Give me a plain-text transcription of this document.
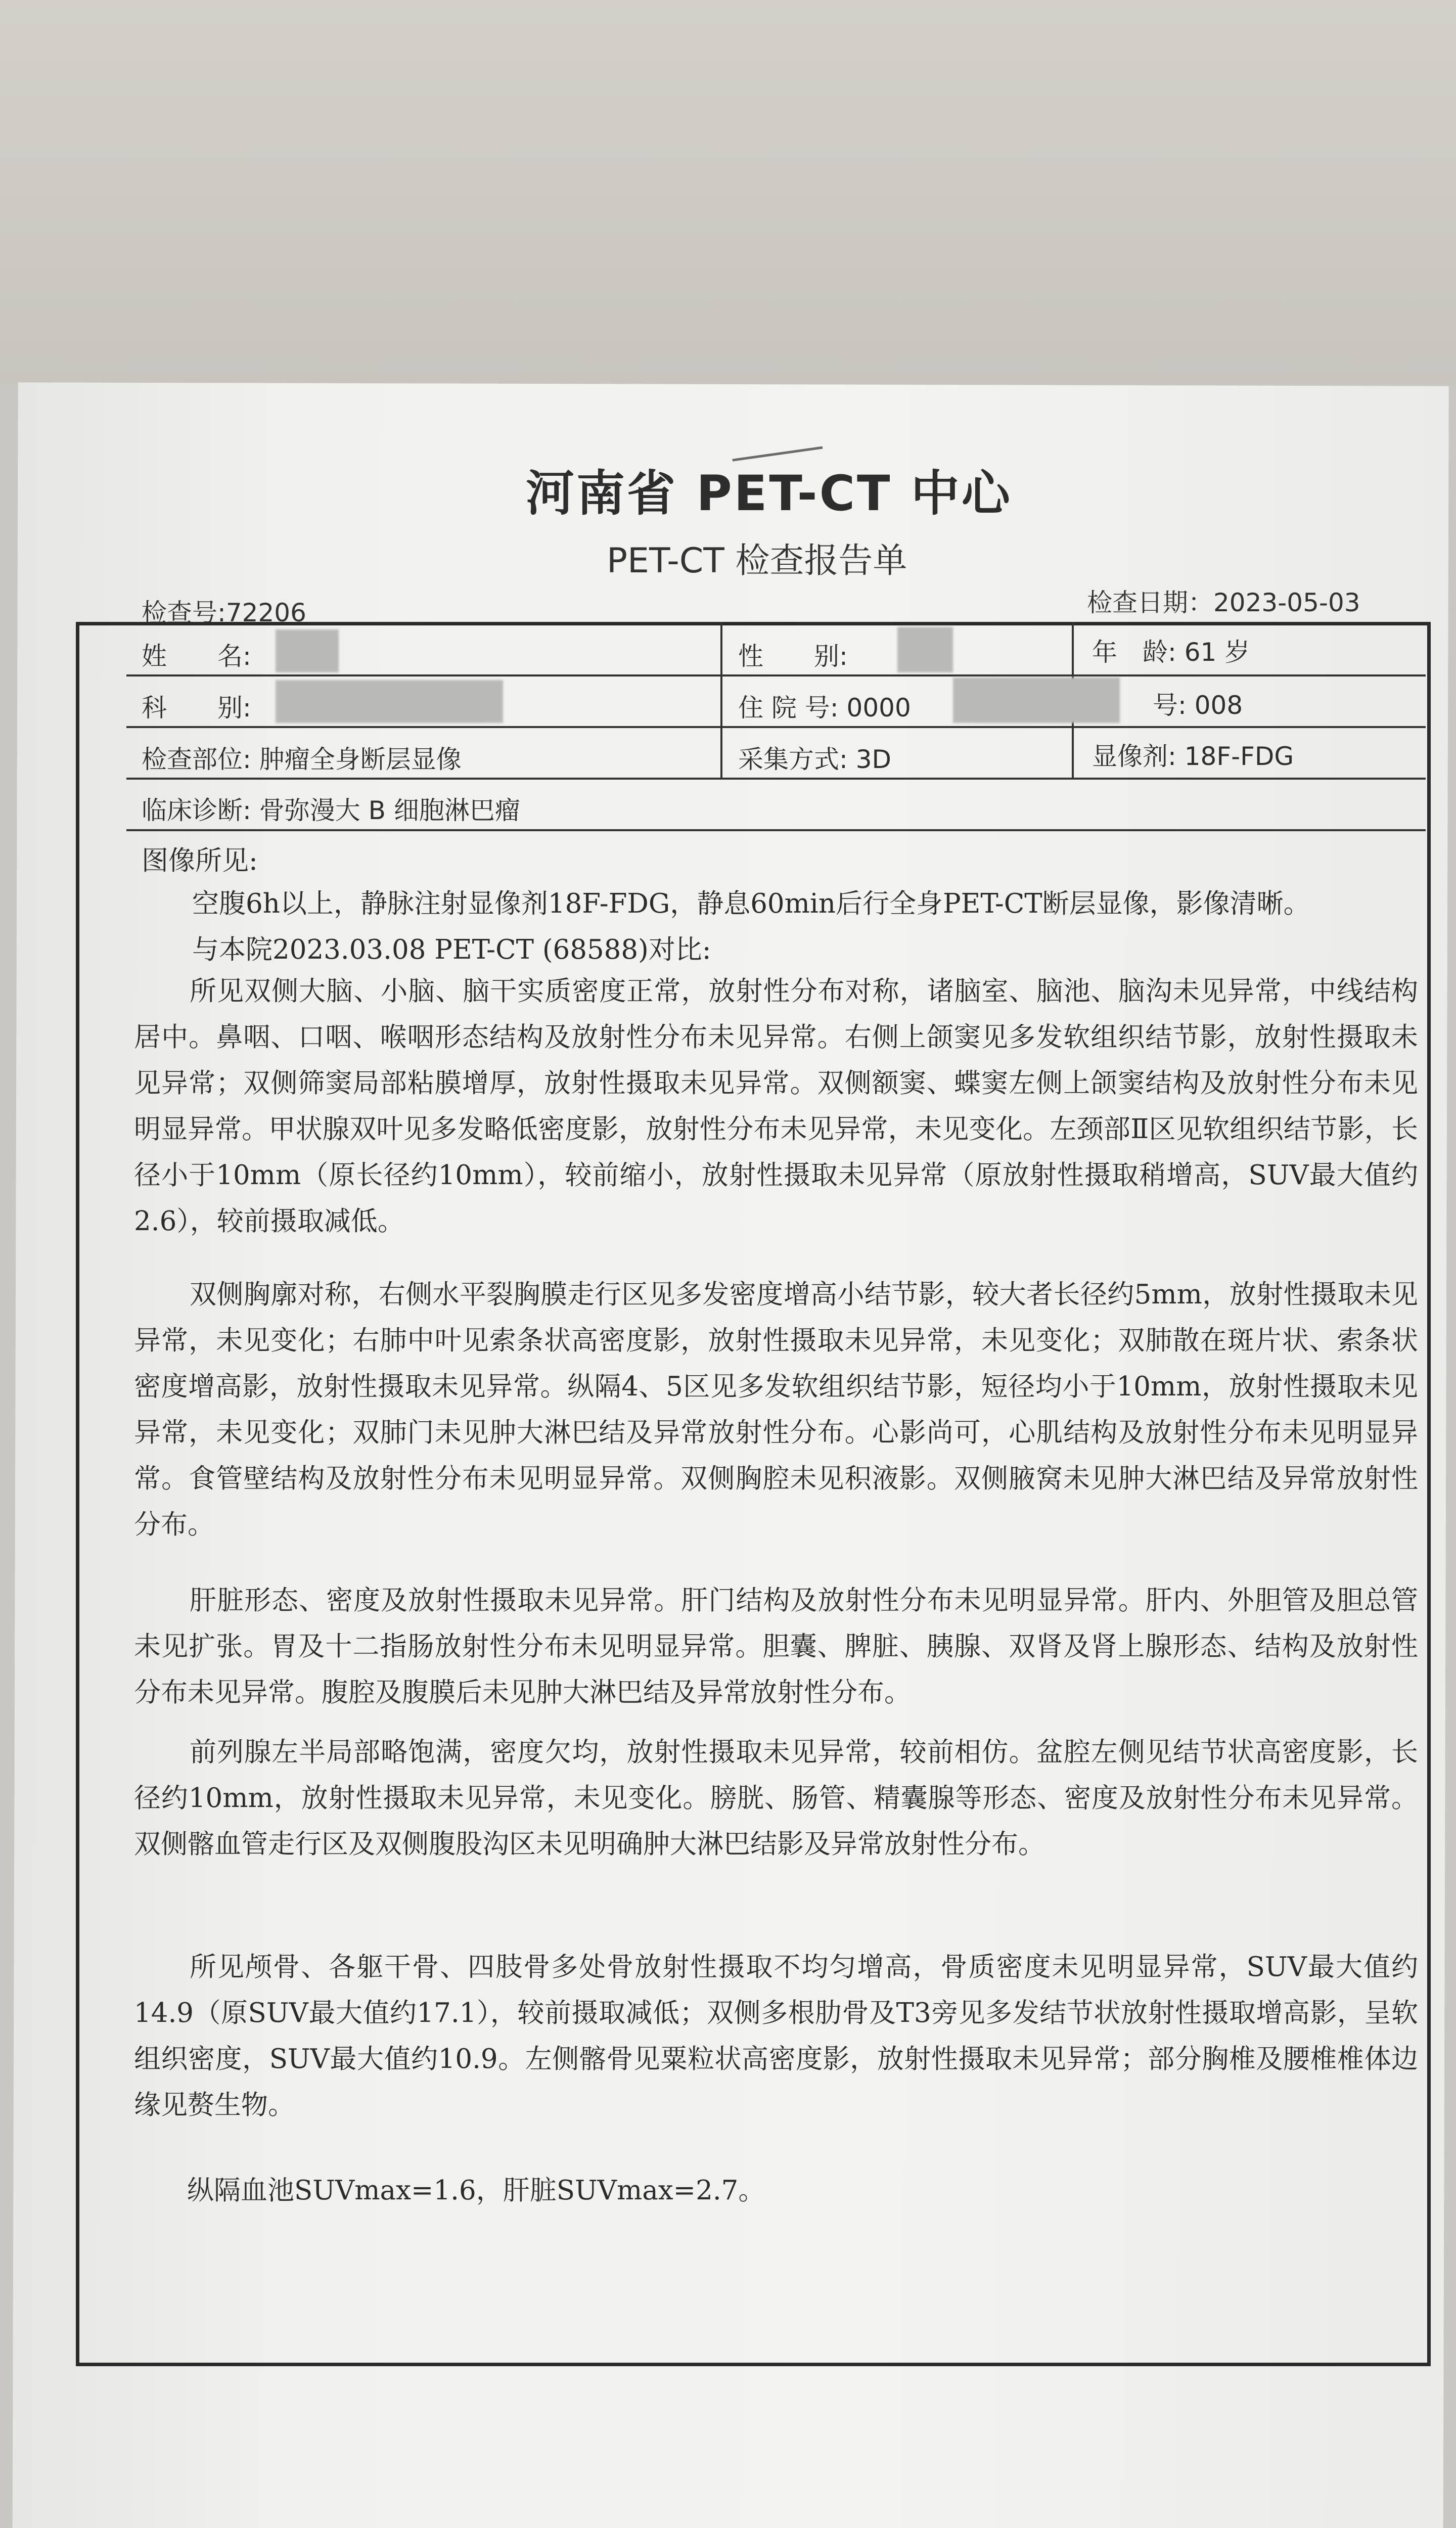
河南省 PET-CT 中心
PET-CT 检查报告单
检查号:72206	检查日期：2023-05-03
姓　　名:	性　　别:	年　龄: 61 岁
科　　别:	住 院 号: 0000	号: 008
检查部位: 肿瘤全身断层显像	采集方式: 3D	显像剂: 18F-FDG
临床诊断: 骨弥漫大 B 细胞淋巴瘤
图像所见:
空腹6h以上，静脉注射显像剂18F-FDG，静息60min后行全身PET-CT断层显像，影像清晰。
与本院2023.03.08 PET-CT (68588)对比:

所见双侧大脑、小脑、脑干实质密度正常，放射性分布对称，诸脑室、脑池、脑沟未见异常，中线结构居中。鼻咽、口咽、喉咽形态结构及放射性分布未见异常。右侧上颌窦见多发软组织结节影，放射性摄取未见异常；双侧筛窦局部粘膜增厚，放射性摄取未见异常。双侧额窦、蝶窦左侧上颌窦结构及放射性分布未见明显异常。甲状腺双叶见多发略低密度影，放射性分布未见异常，未见变化。左颈部Ⅱ区见软组织结节影，长径小于10mm（原长径约10mm），较前缩小，放射性摄取未见异常（原放射性摄取稍增高，SUV最大值约2.6），较前摄取减低。

双侧胸廓对称，右侧水平裂胸膜走行区见多发密度增高小结节影，较大者长径约5mm，放射性摄取未见异常，未见变化；右肺中叶见索条状高密度影，放射性摄取未见异常，未见变化；双肺散在斑片状、索条状密度增高影，放射性摄取未见异常。纵隔4、5区见多发软组织结节影，短径均小于10mm，放射性摄取未见异常，未见变化；双肺门未见肿大淋巴结及异常放射性分布。心影尚可，心肌结构及放射性分布未见明显异常。食管壁结构及放射性分布未见明显异常。双侧胸腔未见积液影。双侧腋窝未见肿大淋巴结及异常放射性分布。

肝脏形态、密度及放射性摄取未见异常。肝门结构及放射性分布未见明显异常。肝内、外胆管及胆总管未见扩张。胃及十二指肠放射性分布未见明显异常。胆囊、脾脏、胰腺、双肾及肾上腺形态、结构及放射性分布未见异常。腹腔及腹膜后未见肿大淋巴结及异常放射性分布。

前列腺左半局部略饱满，密度欠均，放射性摄取未见异常，较前相仿。盆腔左侧见结节状高密度影，长径约10mm，放射性摄取未见异常，未见变化。膀胱、肠管、精囊腺等形态、密度及放射性分布未见异常。双侧髂血管走行区及双侧腹股沟区未见明确肿大淋巴结影及异常放射性分布。

所见颅骨、各躯干骨、四肢骨多处骨放射性摄取不均匀增高，骨质密度未见明显异常，SUV最大值约14.9（原SUV最大值约17.1），较前摄取减低；双侧多根肋骨及T3旁见多发结节状放射性摄取增高影，呈软组织密度，SUV最大值约10.9。左侧髂骨见粟粒状高密度影，放射性摄取未见异常；部分胸椎及腰椎椎体边缘见赘生物。

纵隔血池SUVmax=1.6，肝脏SUVmax=2.7。
